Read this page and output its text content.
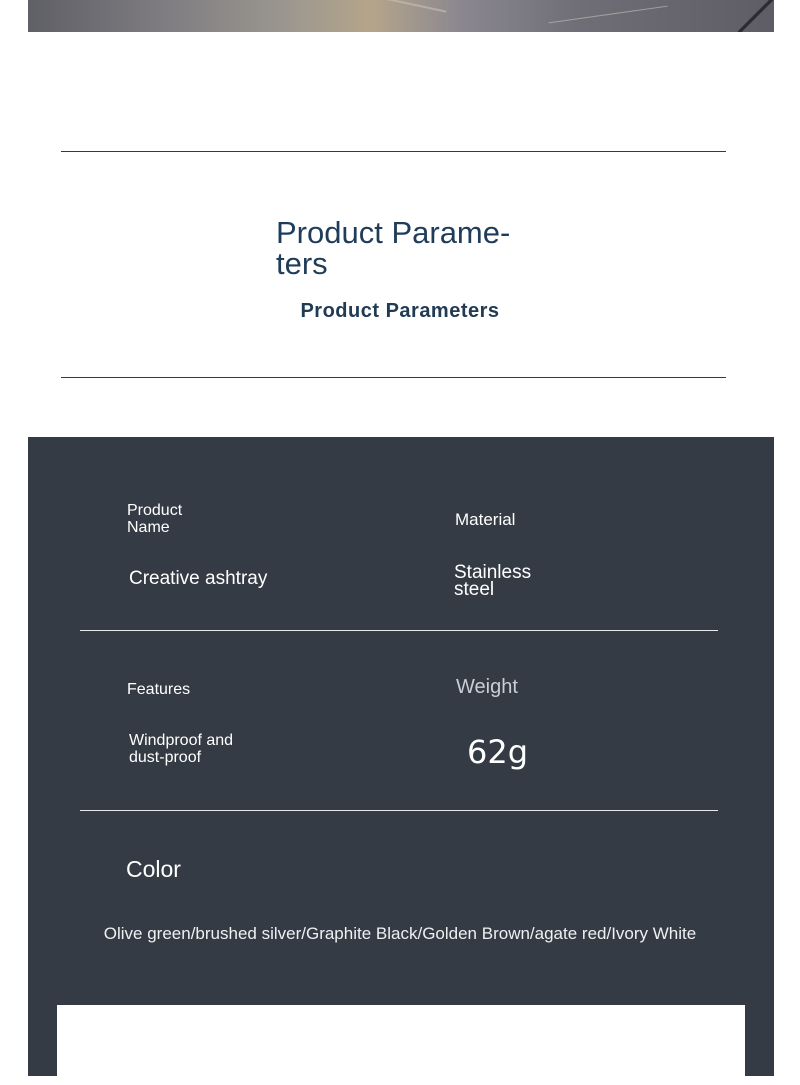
Product Parame- ters
Product Parameters
Product Name	Material
Creative ashtray	Stainless steel
Features	Weight
Windproof and dust-proof	62g
Color
Olive green/brushed silver/Graphite Black/Golden Brown/agate red/Ivory White
